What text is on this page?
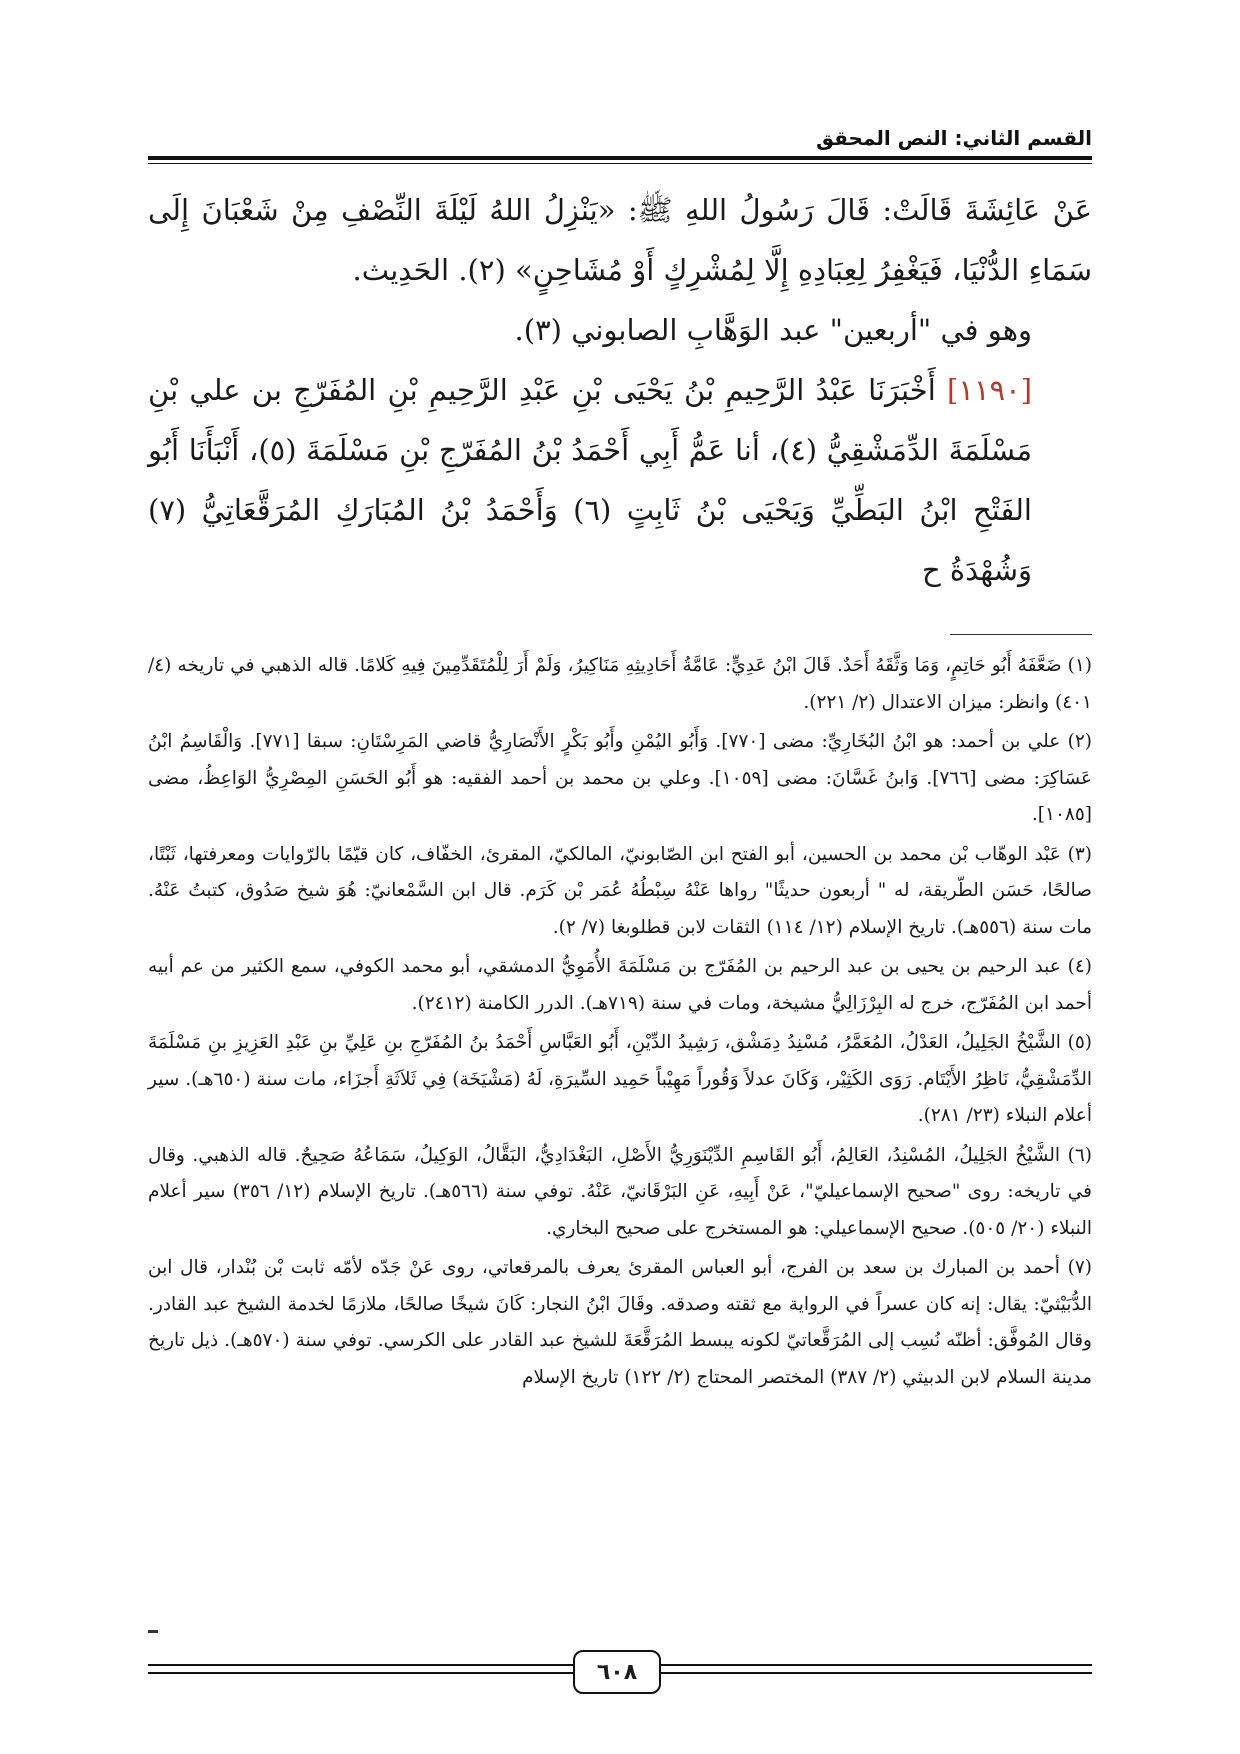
القسم الثاني: النص المحقق

عَنْ عَائِشَةَ قَالَتْ: قَالَ رَسُولُ اللهِ ﷺ: «يَنْزِلُ اللهُ لَيْلَةَ النِّصْفِ مِنْ شَعْبَانَ إِلَى سَمَاءِ الدُّنْيَا، فَيَغْفِرُ لِعِبَادِهِ إِلَّا لِمُشْرِكٍ أَوْ مُشَاحِنٍ» (٢). الحَدِيث.

وهو في "أربعين" عبد الوَهَّابِ الصابوني (٣).

[١١٩٠] أَخْبَرَنَا عَبْدُ الرَّحِيمِ بْنُ يَحْيَى بْنِ عَبْدِ الرَّحِيمِ بْنِ المُفَرّجِ بن علي بْنِ مَسْلَمَةَ الدِّمَشْقِيُّ (٤)، أنا عَمُّ أَبِي أَحْمَدُ بْنُ المُفَرّجِ بْنِ مَسْلَمَةَ (٥)، أَنْبَأَنَا أَبُو الفَتْحِ ابْنُ البَطِّيِّ وَيَحْيَى بْنُ ثَابِتٍ (٦) وَأَحْمَدُ بْنُ المُبَارَكِ المُرَقَّعَاتِيُّ (٧) وَشُهْدَةُ ح

(١) ضَعَّفَهُ أَبُو حَاتِمٍ، وَمَا وَثَّقَهُ أَحَدٌ. قَالَ ابْنُ عَدِيٍّ: عَامَّةُ أَحَادِيثِهِ مَنَاكِيرُ، وَلَمْ أَرَ لِلْمُتَقَدِّمِينَ فِيهِ كَلامًا. قاله الذهبي في تاريخه (٤/ ٤٠١) وانظر: ميزان الاعتدال (٢/ ٢٢١).

(٢) علي بن أحمد: هو ابْنُ البُخَارِيِّ: مضى [٧٧٠]. وَأَبُو اليُمْنِ وأَبُو بَكْرٍ الأَنْصَارِيُّ قاضي المَرِسْتَانِ: سبقا [٧٧١]. وَالْقَاسِمُ ابْنُ عَسَاكِرَ: مضى [٧٦٦]. وَابنُ غَسَّانَ: مضى [١٠٥٩]. وعلي بن محمد بن أحمد الفقيه: هو أَبُو الحَسَنِ المِصْرِيُّ الوَاعِظُ، مضى [١٠٨٥].

(٣) عَبْد الوهّاب بْن محمد بن الحسين، أبو الفتح ابن الصّابونيّ، المالكيّ، المقرئ، الخفّاف، كان قيّمًا بالرّوايات ومعرفتها، ثَبْتًا، صالحًا، حَسَن الطّريقة، له " أربعون حديثًا" رواها عَنْهُ سِبْطُهُ عُمَر بْن كَرَم. قال ابن السَّمْعانيّ: هُوَ شيخ صَدُوق، كتبتُ عَنْهُ. مات سنة (٥٥٦هـ). تاريخ الإسلام (١٢/ ١١٤) الثقات لابن قطلوبغا (٧/ ٢).

(٤) عبد الرحيم بن يحيى بن عبد الرحيم بن المُفَرّج بن مَسْلَمَةَ الأُمَوِيُّ الدمشقي، أبو محمد الكوفي، سمع الكثير من عم أبيه أحمد ابن المُفَرّج، خرج له البِرْزَالِيُّ مشيخة، ومات في سنة (٧١٩هـ). الدرر الكامنة (٢٤١٢).

(٥) الشَّيْخُ الجَلِيلُ، العَدْلُ، المُعَمَّرُ، مُسْنِدُ دِمَشْق، رَشِيدُ الدِّيْنِ، أَبُو العَبَّاسِ أَحْمَدُ بنُ المُفَرّجِ بنِ عَلِيِّ بنِ عَبْدِ العَزِيزِ بنِ مَسْلَمَةَ الدِّمَشْقِيُّ، نَاظِرُ الأَيْتَام. رَوَى الكَثِيْر، وَكَانَ عدلاً وَقُوراً مَهِيْباً حَمِيد السِّيرَةِ، لَهُ (مَشْيَخَة) فِي ثَلاَثَةِ أَجزَاء، مات سنة (٦٥٠هـ). سير أعلام النبلاء (٢٣/ ٢٨١).

(٦) الشَّيْخُ الجَلِيلُ، المُسْنِدُ، العَالِمُ، أَبُو القَاسِمِ الدِّيْنَوَرِيُّ الأَصْلِ، البَغْدَادِيُّ، البَقَّالُ، الوَكِيلُ، سَمَاعُهُ صَحِيحٌ. قاله الذهبي. وقال في تاريخه: روى "صحيح الإسماعيليّ"، عَنْ أَبِيهِ، عَنِ البَرْقَانيّ، عَنْهُ. توفي سنة (٥٦٦هـ). تاريخ الإسلام (١٢/ ٣٥٦) سير أعلام النبلاء (٢٠/ ٥٠٥). صحيح الإسماعيلي: هو المستخرج على صحيح البخاري.

(٧) أحمد بن المبارك بن سعد بن الفرج، أبو العباس المقرئ يعرف بالمرقعاتي، روى عَنْ جَدّه لأمّه ثابت بْن بُنْدار، قال ابن الدُّبَيْثيّ: يقال: إنه كان عسراً في الرواية مع ثقته وصدقه. وقَالَ ابْنُ النجار: كَانَ شيخًا صالحًا، ملازمًا لخدمة الشيخ عبد القادر. وقال المُوفَّق: أظنّه نُسِب إلى المُرَقَّعاتيّ لكونه يبسط المُرَقَّعَةَ للشيخ عبد القادر على الكرسي. توفي سنة (٥٧٠هـ). ذيل تاريخ مدينة السلام لابن الدبيثي (٢/ ٣٨٧) المختصر المحتاج (٢/ ١٢٢) تاريخ الإسلام

٦٠٨
